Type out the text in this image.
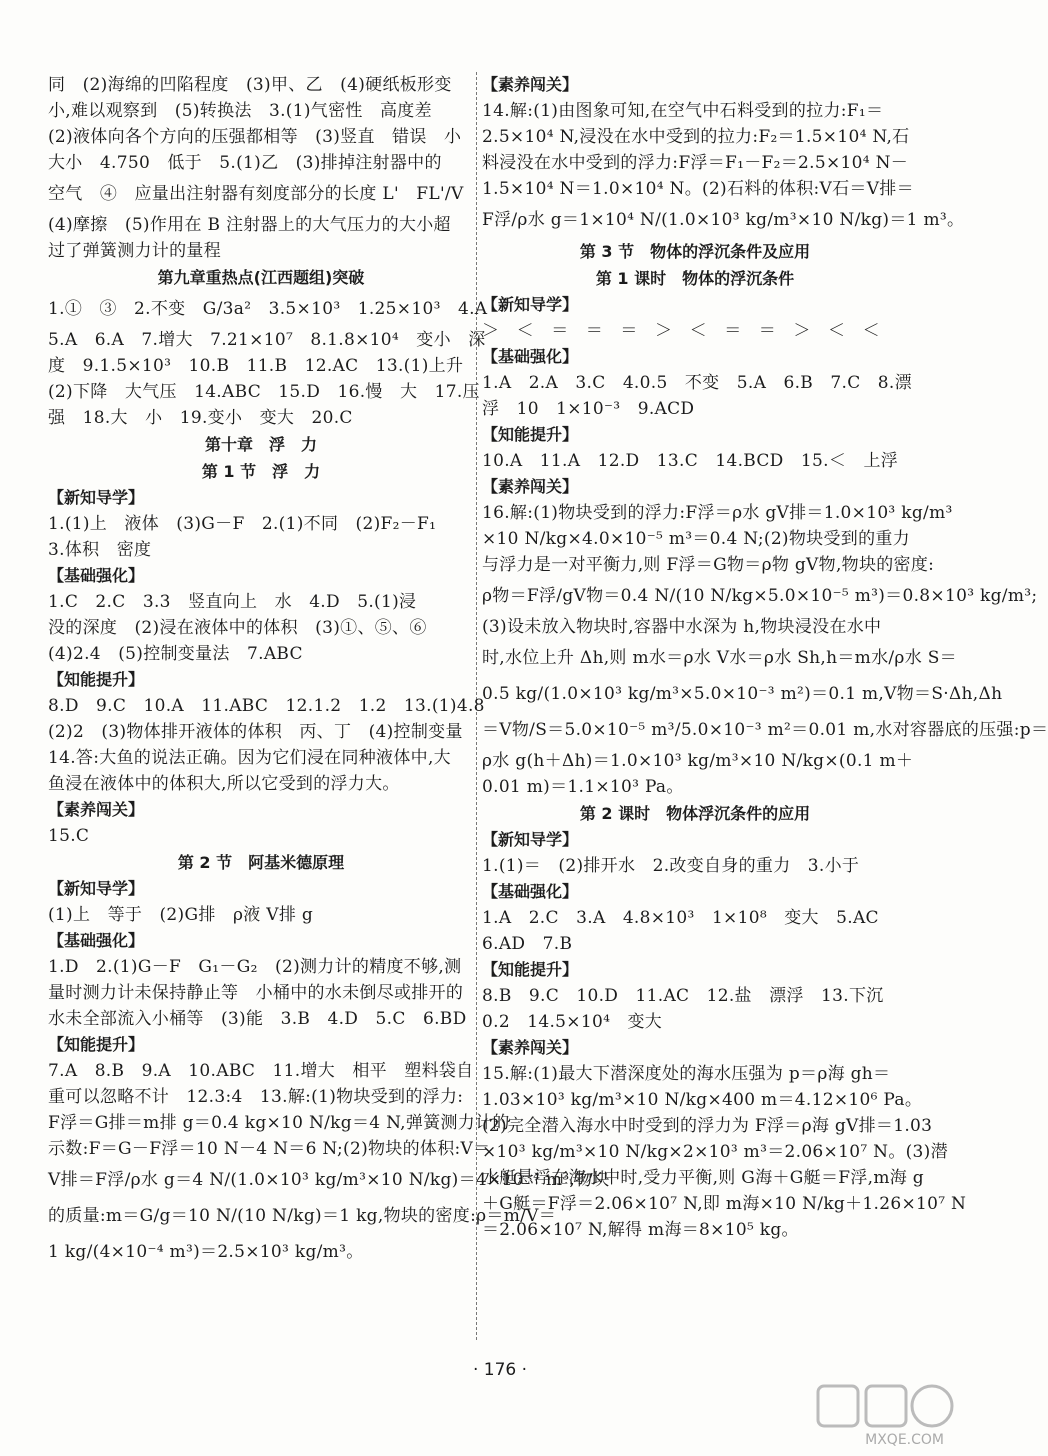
同　(2)海绵的凹陷程度　(3)甲、乙　(4)硬纸板形变
小,难以观察到　(5)转换法　3.(1)气密性　高度差
(2)液体向各个方向的压强都相等　(3)竖直　错误　小
大小　4.750　低于　5.(1)乙　(3)排掉注射器中的
空气　④　应量出注射器有刻度部分的长度 L'　FL'/V
(4)摩擦　(5)作用在 B 注射器上的大气压力的大小超
过了弹簧测力计的量程
第九章重热点(江西题组)突破
1.①　③　2.不变　G/3a²　3.5×10³　1.25×10³　4.A
5.A　6.A　7.增大　7.21×10⁷　8.1.8×10⁴　变小　深
度　9.1.5×10³　10.B　11.B　12.AC　13.(1)上升
(2)下降　大气压　14.ABC　15.D　16.慢　大　17.压
强　18.大　小　19.变小　变大　20.C
第十章　浮　力
第 1 节　浮　力
【新知导学】
1.(1)上　液体　(3)G－F　2.(1)不同　(2)F₂－F₁
3.体积　密度
【基础强化】
1.C　2.C　3.3　竖直向上　水　4.D　5.(1)浸
没的深度　(2)浸在液体中的体积　(3)①、⑤、⑥
(4)2.4　(5)控制变量法　7.ABC
【知能提升】
8.D　9.C　10.A　11.ABC　12.1.2　1.2　13.(1)4.8
(2)2　(3)物体排开液体的体积　丙、丁　(4)控制变量
14.答:大鱼的说法正确。因为它们浸在同种液体中,大
鱼浸在液体中的体积大,所以它受到的浮力大。
【素养闯关】
15.C
第 2 节　阿基米德原理
【新知导学】
(1)上　等于　(2)G排　ρ液 V排 g
【基础强化】
1.D　2.(1)G－F　G₁－G₂　(2)测力计的精度不够,测
量时测力计未保持静止等　小桶中的水未倒尽或排开的
水未全部流入小桶等　(3)能　3.B　4.D　5.C　6.BD
【知能提升】
7.A　8.B　9.A　10.ABC　11.增大　相平　塑料袋自
重可以忽略不计　12.3:4　13.解:(1)物块受到的浮力:
F浮＝G排＝m排 g＝0.4 kg×10 N/kg＝4 N,弹簧测力计的
示数:F＝G－F浮＝10 N－4 N＝6 N;(2)物块的体积:V＝
V排＝F浮/ρ水 g＝4 N/(1.0×10³ kg/m³×10 N/kg)＝4×10⁻⁴ m³,物块
的质量:m＝G/g＝10 N/(10 N/kg)＝1 kg,物块的密度:ρ＝m/V＝
1 kg/(4×10⁻⁴ m³)＝2.5×10³ kg/m³。
【素养闯关】
14.解:(1)由图象可知,在空气中石料受到的拉力:F₁＝
2.5×10⁴ N,浸没在水中受到的拉力:F₂＝1.5×10⁴ N,石
料浸没在水中受到的浮力:F浮＝F₁－F₂＝2.5×10⁴ N－
1.5×10⁴ N＝1.0×10⁴ N。(2)石料的体积:V石＝V排＝
F浮/ρ水 g＝1×10⁴ N/(1.0×10³ kg/m³×10 N/kg)＝1 m³。
第 3 节　物体的浮沉条件及应用
第 1 课时　物体的浮沉条件
【新知导学】
＞　＜　＝　＝　＝　＞　＜　＝　＝　＞　＜　＜
【基础强化】
1.A　2.A　3.C　4.0.5　不变　5.A　6.B　7.C　8.漂
浮　10　1×10⁻³　9.ACD
【知能提升】
10.A　11.A　12.D　13.C　14.BCD　15.＜　上浮
【素养闯关】
16.解:(1)物块受到的浮力:F浮＝ρ水 gV排＝1.0×10³ kg/m³
×10 N/kg×4.0×10⁻⁵ m³＝0.4 N;(2)物块受到的重力
与浮力是一对平衡力,则 F浮＝G物＝ρ物 gV物,物块的密度:
ρ物＝F浮/gV物＝0.4 N/(10 N/kg×5.0×10⁻⁵ m³)＝0.8×10³ kg/m³;
(3)设未放入物块时,容器中水深为 h,物块浸没在水中
时,水位上升 Δh,则 m水＝ρ水 V水＝ρ水 Sh,h＝m水/ρ水 S＝
0.5 kg/(1.0×10³ kg/m³×5.0×10⁻³ m²)＝0.1 m,V物＝S·Δh,Δh
＝V物/S＝5.0×10⁻⁵ m³/5.0×10⁻³ m²＝0.01 m,水对容器底的压强:p＝
ρ水 g(h＋Δh)＝1.0×10³ kg/m³×10 N/kg×(0.1 m＋
0.01 m)＝1.1×10³ Pa。
第 2 课时　物体浮沉条件的应用
【新知导学】
1.(1)＝　(2)排开水　2.改变自身的重力　3.小于
【基础强化】
1.A　2.C　3.A　4.8×10³　1×10⁸　变大　5.AC
6.AD　7.B
【知能提升】
8.B　9.C　10.D　11.AC　12.盐　漂浮　13.下沉
0.2　14.5×10⁴　变大
【素养闯关】
15.解:(1)最大下潜深度处的海水压强为 p＝ρ海 gh＝
1.03×10³ kg/m³×10 N/kg×400 m＝4.12×10⁶ Pa。
(2)完全潜入海水中时受到的浮力为 F浮＝ρ海 gV排＝1.03
×10³ kg/m³×10 N/kg×2×10³ m³＝2.06×10⁷ N。(3)潜
水艇悬浮在海水中时,受力平衡,则 G海＋G艇＝F浮,m海 g
＋G艇＝F浮＝2.06×10⁷ N,即 m海×10 N/kg＋1.26×10⁷ N
＝2.06×10⁷ N,解得 m海＝8×10⁵ kg。
· 176 ·
MXQE.COM
